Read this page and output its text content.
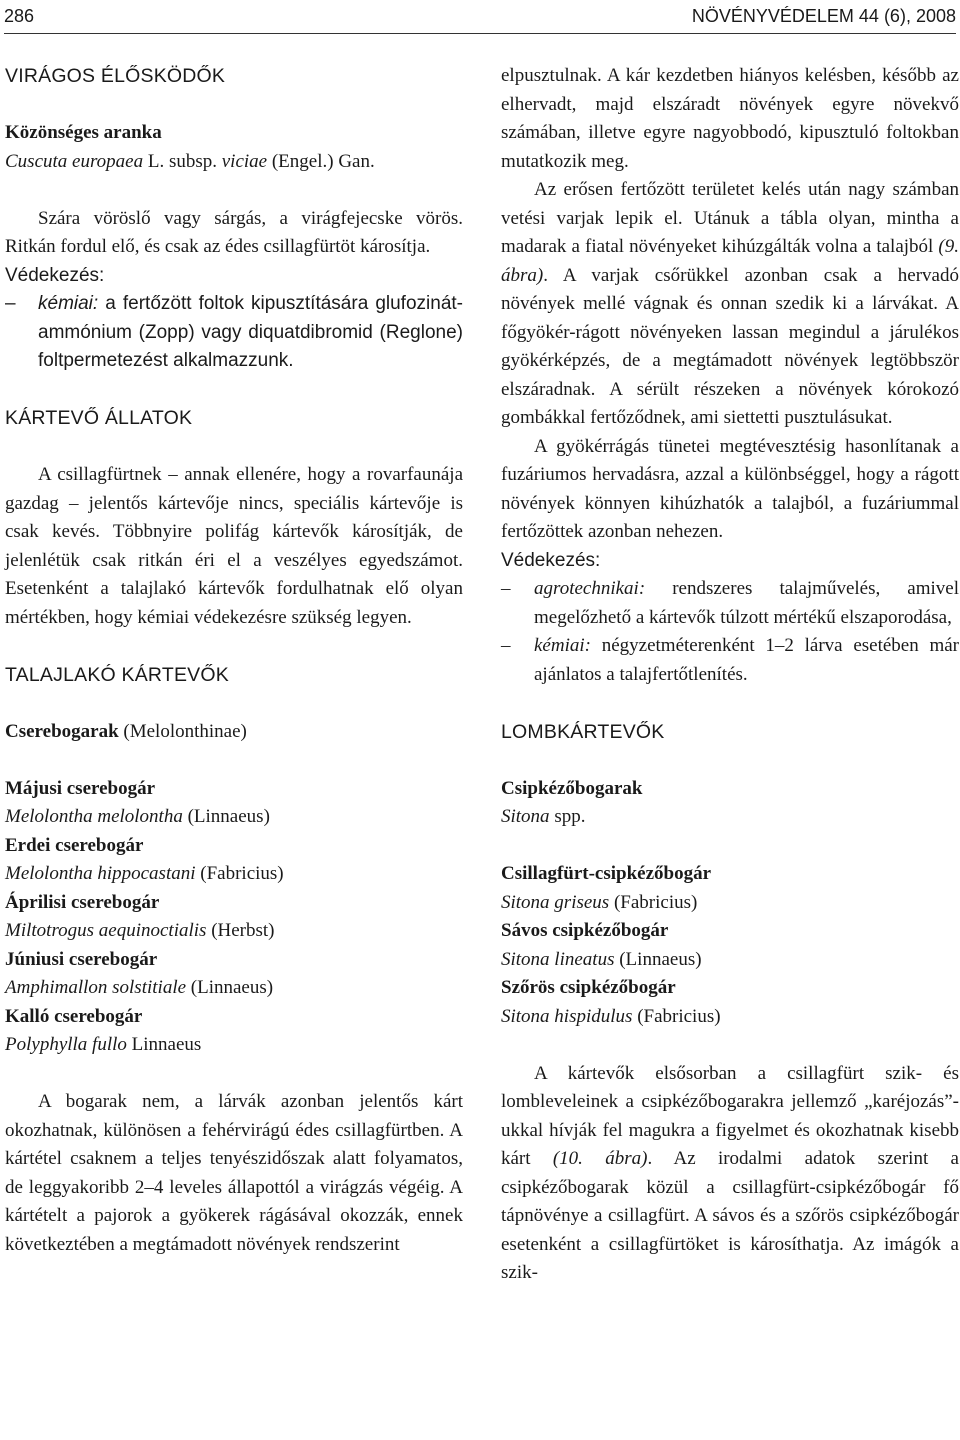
286	NÖVÉNYVÉDELEM 44 (6), 2008

VIRÁGOS ÉLŐSKÖDŐK

Közönséges aranka

Cuscuta europaea L. subsp. viciae (Engel.) Gan.

Szára vöröslő vagy sárgás, a virágfejecske vörös. Ritkán fordul elő, és csak az édes csillagfürtöt károsítja.

Védekezés:

– kémiai: a fertőzött foltok kipusztítására glufozinát-ammónium (Zopp) vagy diquatdibromid (Reglone) foltpermetezést alkalmazzunk.

KÁRTEVŐ ÁLLATOK

A csillagfürtnek – annak ellenére, hogy a rovarfaunája gazdag – jelentős kártevője nincs, speciális kártevője is csak kevés. Többnyire polifág kártevők károsítják, de jelenlétük csak ritkán éri el a veszélyes egyedszámot. Esetenként a talajlakó kártevők fordulhatnak elő olyan mértékben, hogy kémiai védekezésre szükség legyen.

TALAJLAKÓ KÁRTEVŐK

Cserebogarak (Melolonthinae)

Májusi cserebogár

Melolontha melolontha (Linnaeus)

Erdei cserebogár

Melolontha hippocastani (Fabricius)

Áprilisi cserebogár

Miltotrogus aequinoctialis (Herbst)

Júniusi cserebogár

Amphimallon solstitiale (Linnaeus)

Kalló cserebogár

Polyphylla fullo Linnaeus

A bogarak nem, a lárvák azonban jelentős kárt okozhatnak, különösen a fehérvirágú édes csillagfürtben. A kártétel csaknem a teljes tenyészidőszak alatt folyamatos, de leggyakoribb 2–4 leveles állapottól a virágzás végéig. A kártételt a pajorok a gyökerek rágásával okozzák, ennek következtében a megtámadott növények rendszerint

elpusztulnak. A kár kezdetben hiányos kelésben, később az elhervadt, majd elszáradt növények egyre növekvő számában, illetve egyre nagyobbodó, kipusztuló foltokban mutatkozik meg.

Az erősen fertőzött területet kelés után nagy számban vetési varjak lepik el. Utánuk a tábla olyan, mintha a madarak a fiatal növényeket kihúzgálták volna a talajból (9. ábra). A varjak csőrükkel azonban csak a hervadó növények mellé vágnak és onnan szedik ki a lárvákat. A főgyökér-rágott növényeken lassan megindul a járulékos gyökérképzés, de a megtámadott növények legtöbbször elszáradnak. A sérült részeken a növények kórokozó gombákkal fertőződnek, ami siettetti pusztulásukat.

A gyökérrágás tünetei megtévesztésig hasonlítanak a fuzáriumos hervadásra, azzal a különbséggel, hogy a rágott növények könnyen kihúzhatók a talajból, a fuzáriummal fertőzöttek azonban nehezen.

Védekezés:

– agrotechnikai: rendszeres talajművelés, amivel megelőzhető a kártevők túlzott mértékű elszaporodása,

– kémiai: négyzetméterenként 1–2 lárva esetében már ajánlatos a talajfertőtlenítés.

LOMBKÁRTEVŐK

Csipkézőbogarak

Sitona spp.

Csillagfürt-csipkézőbogár

Sitona griseus (Fabricius)

Sávos csipkézőbogár

Sitona lineatus (Linnaeus)

Szőrös csipkézőbogár

Sitona hispidulus (Fabricius)

A kártevők elsősorban a csillagfürt szik- és lombleveleinek a csipkézőbogarakra jellemző „karéjozás”-ukkal hívják fel magukra a figyelmet és okozhatnak kisebb kárt (10. ábra). Az irodalmi adatok szerint a csipkézőbogarak közül a csillagfürt-csipkézőbogár fő tápnövénye a csillagfürt. A sávos és a szőrös csipkézőbogár esetenként a csillagfürtöket is károsíthatja. Az imágók a szik-
